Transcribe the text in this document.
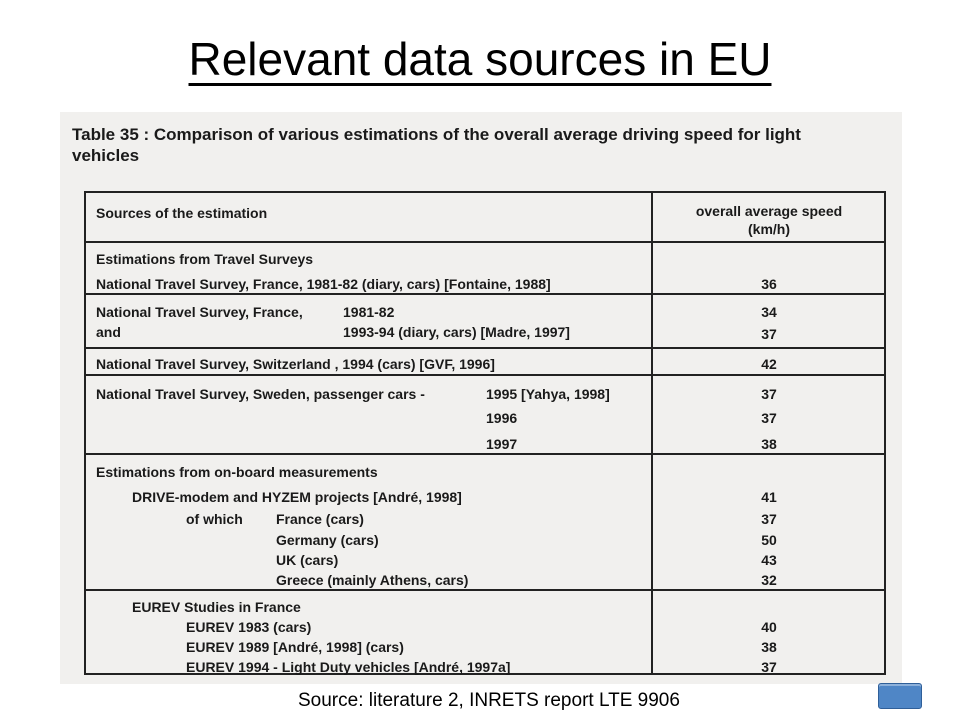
Relevant data sources in EU
Table 35 : Comparison of various estimations of the overall average driving speed for light
vehicles
Sources of the estimation	overall average speed
(km/h)
Estimations from Travel Surveys
National Travel Survey, France, 1981-82 (diary, cars) [Fontaine, 1988]	36
National Travel Survey, France,	1981-82	34
and	1993-94 (diary, cars) [Madre, 1997]	37
National Travel Survey, Switzerland , 1994 (cars) [GVF, 1996]	42
National Travel Survey, Sweden, passenger cars -	1995 [Yahya, 1998]	37
1996	37
1997	38
Estimations from on-board measurements
DRIVE-modem and HYZEM projects [André, 1998]	41
of which France (cars)	37
Germany (cars)	50
UK (cars)	43
Greece (mainly Athens, cars)	32
EUREV Studies in France
EUREV 1983 (cars)	40
EUREV 1989 [André, 1998] (cars)	38
EUREV 1994 - Light Duty vehicles [André, 1997a]	37
Source: literature 2, INRETS report LTE 9906
